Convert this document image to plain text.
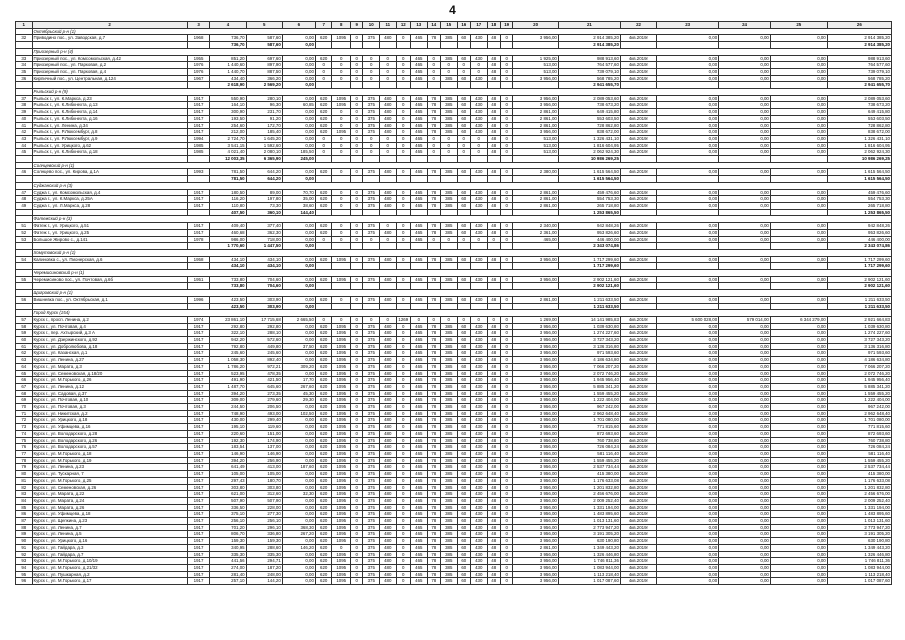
4
1	2	3	4	5	6	7	8	9	10	11	12	13	14	15	16	17	18	19	20	21	22	23	24	25	26
	Октябрьский р-н (1)																								
32	Приводино пос., ул. Заводская, д.7	1968	736,70	587,60	0,00	620	1095	0	375	480	0	465	78	385	60	430	48	0	3 956,00	2 914 385,20	4кв.2019г	0,00	0,00	0,00	2 914 385,20
			736,70	587,60	0,00															2 914 385,20					2 914 385,20
	Приозерный р-н (4)																								
33	Приозерный пос., ул. Комсомольская, д.42	1955	851,20	697,60	0,00	620	0	0	0	0	0	465	0	385	60	430	48	0	1 925,00	988 913,60	4кв.2019г	0,00	0,00	0,00	988 913,60
34	Приозерный пос., ул. Парковая, д.2	1976	1 440,60	897,90	0,00	0	0	0	0	0	0	465	0	0	0	0	48	0	513,00	764 577,60	4кв.2019г	0,00	0,00	0,00	764 577,60
35	Приозерный пос., ул. Парковая, д.4	1976	1 440,70	887,50	0,00	0	0	0	0	0	0	465	0	0	0	0	48	0	513,00	739 079,10	4кв.2019г	0,00	0,00	0,00	739 079,10
36	Кирпичный пос., ул. Центральная, д.124	1967	434,40	366,20	0,00	0	0	0	0	0	0	465	0	385	60	430	48	0	3 956,00	568 785,20	4кв.2019г	0,00	0,00	0,00	568 785,20
			2 618,90	2 569,20	0,00															2 941 655,70					2 941 655,70
	Рыльский р-н (9)																								
37	Рыльск г., ул. К.Маркса, д.23	1917	550,90	280,10	0,00	620	1095	0	375	480	0	465	78	385	60	430	48	0	3 956,00	2 089 053,60	4кв.2019г	0,00	0,00	0,00	2 089 053,60
38	Рыльск г., ул. К.Либкнехта, д.13	1917	164,10	96,30	60,85	620	1095	0	375	480	0	465	78	385	60	430	48	0	3 956,00	738 673,20	4кв.2019г	0,00	0,00	0,00	738 673,20
39	Рыльск г., ул. К.Либкнехта, д.14	1917	300,90	231,70	0,00	620	0	0	375	480	0	465	78	385	60	430	48	0	2 861,00	649 415,80	4кв.2019г	0,00	0,00	0,00	649 415,80
40	Рыльск г., ул. К.Либкнехта, д.16	1917	193,50	91,20	0,00	620	0	0	375	480	0	465	78	385	60	430	48	0	2 861,00	553 603,50	4кв.2019г	0,00	0,00	0,00	553 603,50
41	Рыльск г., ул. Ленина, д.34	1917	254,60	172,70	0,00	620	0	0	375	480	0	465	78	385	60	430	48	0	2 861,00	728 862,80	4кв.2019г	0,00	0,00	0,00	728 862,80
42	Рыльск г., ул. Р.Люксембург, д.8	1917	212,00	185,40	0,00	620	1095	0	375	480	0	465	78	385	60	430	48	0	3 956,00	838 672,00	4кв.2019г	0,00	0,00	0,00	838 672,00
43	Рыльск г., ул. Р.Люксембург, д.9	1994	2 724,70	1 645,20	0,00	0	0	0	0	0	0	465	0	0	0	0	48	0	513,00	1 326 431,10	4кв.2019г	0,00	0,00	0,00	1 326 431,10
44	Рыльск г., ул. Урицкого, д.62	1985	3 541,15	1 592,60	0,00	0	0	0	0	0	0	465	0	0	0	0	48	0	513,00	1 816 604,95	4кв.2019г	0,00	0,00	0,00	1 816 604,95
45	Рыльск г., ул. К.Либкнехта, д.18	1985	4 021,40	2 080,10	185,50	0	0	0	0	0	0	465	0	0	0	0	48	0	513,00	2 062 924,30	4кв.2019г	0,00	0,00	0,00	2 062 924,30
			12 003,35	6 365,90	245,00															10 986 269,25					10 986 269,25
	Солнцевский р-н (1)																								
46	Солнцево пос., ул. Кирова, д.1А	1993	781,50	644,20	0,00	620	0	0	375	480	0	465	78	385	60	430	48	0	2 380,00	1 615 564,50	4кв.2019г	0,00	0,00	0,00	1 615 564,50
			781,50	644,20	0,00															1 615 564,50					1 615 564,50
	Суджанский р-н (3)																								
47	Суджа г., ул. Комсомольская, д.4	1917	180,50	89,00	70,70	620	0	0	375	480	0	465	78	385	60	430	48	0	2 861,00	459 476,60	4кв.2019г	0,00	0,00	0,00	459 476,60
48	Суджа г., ул. К.Маркса, д.25А	1917	116,20	197,80	35,00	620	0	0	375	480	0	465	78	385	60	430	48	0	2 861,00	554 753,30	4кв.2019г	0,00	0,00	0,00	554 753,30
49	Суджа г., ул. Л.Маркса, д.28	1917	110,80	73,30	38,60	620	0	0	375	480	0	465	78	385	60	430	48	0	2 861,00	265 718,80	4кв.2019г	0,00	0,00	0,00	265 718,80
			407,50	360,10	144,40															1 253 865,50					1 253 865,50
	Фатежский р-н (3)																								
51	Фатеж г., ул. Урицкого, д.51	1917	409,40	377,40	0,00	620	0	0	375	0	0	465	78	385	60	430	48	0	2 340,00	942 848,26	4кв.2019г	0,00	0,00	0,00	942 848,26
52	Фатеж г., ул. Урицкого, д.25	1917	460,68	362,30	0,00	620	0	0	375	480	0	465	78	385	60	430	48	0	2 361,00	953 826,60	4кв.2019г	0,00	0,00	0,00	953 826,60
53	Большое Жирово с., д.141	1978	986,00	718,00	0,00	0	0	0	0	0	0	465	0	0	0	0	0	0	465,00	446 400,00	4кв.2019г	0,00	0,00	0,00	446 400,00
			1 770,60	1 447,50	0,00															2 343 074,86					2 343 074,86
	Хомутовский р-н (1)																								
54	Калиновка с., ул. Пионерская, д.6	1958	434,10	434,10	0,00	620	1095	0	375	480	0	465	78	385	60	430	48	0	3 956,00	1 717 299,60	4кв.2019г	0,00	0,00	0,00	1 717 299,60
			434,10	434,10	0,00															1 717 299,60					1 717 299,60
	Черемисиновский р-н (1)																								
55	Черемисиново пос., ул. Почтовая, д.6б	1951	733,80	704,60	0,00	620	1095	0	375	480	0	465	78	385	60	430	48	0	3 956,00	2 902 121,60	4кв.2019г	0,00	0,00	0,00	2 902 121,60
			733,80	704,60	0,00															2 902 121,60					2 902 121,60
	Щигровский р-н (1)																								
56	Вишневка пос., ул. Октябрьская, д.1	1996	423,50	303,90	0,00	620	0	0	375	480	0	465	78	385	60	430	48	0	2 861,00	1 211 633,50	4кв.2019г	0,00	0,00	0,00	1 211 633,50
			423,50	303,90	0,00															1 211 633,50					1 211 633,50
	Город Курск (154)																								
57	Курск г., просп. Ленина, д.2	1974	23 861,10	17 715,68	2 665,50	0	0	0	0	0	1269	0	0	0	0	0	0	0	1 269,00	14 141 985,83	4кв.2019г	5 600 028,00	579 014,00	6 344 279,00	2 921 664,83
58	Курск г., ул. Почтовая, д.4	1917	292,80	292,80	0,00	620	1095	0	375	480	0	465	78	385	60	430	48	0	3 956,00	1 039 630,80	4кв.2019г	0,00	0,00	0,00	1 039 630,80
59	Курск г., пер. Ахтырский, д.3 А	1917	322,10	288,10	0,00	620	1095	0	375	480	0	465	78	385	60	430	48	0	3 956,00	1 274 227,60	4кв.2019г	0,00	0,00	0,00	1 274 227,60
60	Курск г., ул. Дзержинского, д.92	1917	942,20	572,60	0,00	620	1095	0	375	480	0	465	78	385	60	430	48	0	3 956,00	3 727 343,20	4кв.2019г	0,00	0,00	0,00	3 727 343,20
61	Курск г., ул. Добролюбова, д.18	1917	792,80	449,80	37,50	620	1095	0	375	480	0	465	78	385	60	430	48	0	3 956,00	3 136 316,80	4кв.2019г	0,00	0,00	0,00	3 136 316,80
62	Курск г., ул. Казанская, д.1	1917	245,60	245,60	0,00	620	1095	0	375	480	0	465	78	385	60	430	48	0	3 956,00	971 593,60	4кв.2019г	0,00	0,00	0,00	971 593,60
63	Курск г., ул. Ленина, д.27	1917	1 058,30	892,40	0,00	620	1095	0	375	480	0	465	78	385	60	430	48	0	3 956,00	4 186 634,80	4кв.2019г	0,00	0,00	0,00	4 186 634,80
64	Курск г., ул. Марата, д.3	1917	1 786,20	972,21	309,20	620	1095	0	375	480	0	465	78	385	60	430	48	0	3 956,00	7 066 207,20	4кв.2019г	0,00	0,00	0,00	7 066 207,20
65	Курск г., ул. Семеновская, д.18/20	1917	523,95	478,35	0,00	620	1095	0	375	480	0	465	78	385	60	430	48	0	3 956,00	2 072 746,20	4кв.2019г	0,00	0,00	0,00	2 072 746,20
66	Курск г., ул. М.Горького, д.26	1917	491,90	421,50	17,70	620	1095	0	375	480	0	465	78	385	60	430	48	0	3 956,00	1 945 956,40	4кв.2019г	0,00	0,00	0,00	1 945 956,40
67	Курск г., ул. Ленина, д.12	1917	1 487,70	645,60	267,60	620	1095	0	375	480	0	465	78	385	60	430	48	0	3 956,00	5 885 341,20	4кв.2019г	0,00	0,00	0,00	5 885 341,20
68	Курск г., ул. Садовая, д.37	1917	394,20	273,35	45,30	620	1095	0	375	480	0	465	78	385	60	430	48	0	3 956,00	1 559 455,20	4кв.2019г	0,00	0,00	0,00	1 559 455,20
69	Курск г., ул. Почтовая, д.10	1917	309,00	279,60	29,30	620	1095	0	375	480	0	465	78	385	60	430	48	0	3 956,00	1 222 404,00	4кв.2019г	0,00	0,00	0,00	1 222 404,00
70	Курск г., ул. Почтовая, д.3	1917	244,50	206,50	0,00	620	1095	0	375	480	0	465	78	385	60	430	48	0	3 956,00	967 242,00	4кв.2019г	0,00	0,00	0,00	967 242,00
71	Курск г., ул. Никитская, д.2	1917	748,90	493,00	102,50	620	1095	0	375	480	0	465	78	385	60	430	48	0	3 956,00	2 962 648,40	4кв.2019г	0,00	0,00	0,00	2 962 648,40
72	Курск г., ул. Урицкого, д.18	1917	430,00	299,40	0,00	620	1095	0	375	480	0	465	78	385	60	430	48	0	3 956,00	1 701 080,00	4кв.2019г	0,00	0,00	0,00	1 701 080,00
73	Курск г., ул. Уфимцева, д.16	1917	195,10	119,60	0,00	620	1095	0	375	480	0	465	78	385	60	430	48	0	3 956,00	771 815,60	4кв.2019г	0,00	0,00	0,00	771 815,60
74	Курск г., ул. Володарского, д.28	1917	220,60	151,00	0,00	620	1095	0	375	480	0	465	78	385	60	430	48	0	3 956,00	872 693,60	4кв.2019г	0,00	0,00	0,00	872 693,60
75	Курск г., ул. Володарского, д.26	1917	192,30	174,90	0,00	620	1095	0	375	480	0	465	78	385	60	430	48	0	3 956,00	760 738,80	4кв.2019г	0,00	0,00	0,00	760 738,80
76	Курск г., ул. Володарского, д.57	1917	183,54	137,00	0,00	620	1095	0	375	480	0	465	78	385	60	430	48	0	3 956,00	726 084,24	4кв.2019г	0,00	0,00	0,00	726 084,24
77	Курск г., ул. М.Горького, д.18	1917	146,90	146,90	0,00	620	1095	0	375	480	0	465	78	385	60	430	48	0	3 956,00	581 116,40	4кв.2019г	0,00	0,00	0,00	581 116,40
78	Курск г., ул. М.Горького, д.19	1917	394,20	256,90	0,00	620	1095	0	375	480	0	465	78	385	60	430	48	0	3 956,00	1 559 455,20	4кв.2019г	0,00	0,00	0,00	1 559 455,20
79	Курск г., ул. Ленина, д.23	1917	641,49	413,00	187,60	620	1095	0	375	480	0	465	78	385	60	430	48	0	3 956,00	2 537 734,44	4кв.2019г	0,00	0,00	0,00	2 537 734,44
80	Курск г., ул. Тускарная, 7	1917	105,00	105,00	0,00	620	1095	0	375	480	0	465	78	385	60	430	48	0	3 956,00	415 380,00	4кв.2019г	0,00	0,00	0,00	415 380,00
81	Курск г., ул. М.Горького, д.25	1917	297,43	180,70	0,00	620	1095	0	375	480	0	465	78	385	60	430	48	0	3 956,00	1 176 633,08	4кв.2019г	0,00	0,00	0,00	1 176 633,08
82	Курск г., ул. Семеновская, д.26	1917	303,80	303,80	0,00	620	1095	0	375	480	0	465	78	385	60	430	48	0	3 956,00	1 201 832,80	4кв.2019г	0,00	0,00	0,00	1 201 832,80
83	Курск г., ул. Марата, д.22	1917	621,00	312,60	32,30	620	1095	0	375	480	0	465	78	385	60	430	48	0	3 956,00	2 456 676,00	4кв.2019г	0,00	0,00	0,00	2 456 676,00
84	Курск г., ул. Марата, д.24	1917	507,90	507,90	0,00	620	1095	0	375	480	0	465	78	385	60	430	48	0	3 956,00	2 009 252,40	4кв.2019г	0,00	0,00	0,00	2 009 252,40
85	Курск г., ул. Марата, д.26	1917	336,50	228,00	0,00	620	1095	0	375	480	0	465	78	385	60	430	48	0	3 956,00	1 331 194,00	4кв.2019г	0,00	0,00	0,00	1 331 194,00
86	Курск г., ул. Уфимцева, д.18	1917	375,10	277,30	0,00	620	1095	0	375	480	0	465	78	385	60	430	48	0	3 956,00	1 483 895,60	4кв.2019г	0,00	0,00	0,00	1 483 895,60
87	Курск г., ул. Щепкина, д.23	1917	256,10	256,10	0,00	620	1095	0	375	480	0	465	78	385	60	430	48	0	3 956,00	1 013 131,60	4кв.2019г	0,00	0,00	0,00	1 013 131,60
88	Курск г., ул. Ленина, д.7	1917	701,20	296,10	368,30	620	1095	0	375	480	0	465	78	385	60	430	48	0	3 956,00	2 773 947,20	4кв.2019г	0,00	0,00	0,00	2 773 947,20
89	Курск г., ул. Ленина, д.5	1917	806,70	336,80	267,20	620	1095	0	375	480	0	465	78	385	60	430	48	0	3 956,00	3 191 305,20	4кв.2019г	0,00	0,00	0,00	3 191 305,20
90	Курск г., ул. Урицкого, д.16	1917	159,30	159,30	0,00	620	1095	0	375	480	0	465	78	385	60	430	48	0	3 956,00	630 190,80	4кв.2019г	0,00	0,00	0,00	630 190,80
91	Курск г., ул. Гайдара, д.3	1917	340,95	288,60	146,20	620	0	0	375	480	0	465	78	385	60	430	48	0	2 861,00	1 349 443,20	4кв.2019г	0,00	0,00	0,00	1 349 443,20
92	Курск г., ул. Гайдара, д.7	1917	335,30	335,30	0,00	620	1095	0	375	480	0	465	78	385	60	430	48	0	3 956,00	1 326 446,80	4кв.2019г	0,00	0,00	0,00	1 326 446,80
93	Курск г., ул. М.Горького, д.10/19	1917	441,56	294,71	0,00	620	1095	0	375	480	0	465	78	385	60	430	48	0	3 956,00	1 746 811,36	4кв.2019г	0,00	0,00	0,00	1 746 811,36
94	Курск г., ул. М.Горького, д.21/32	1917	274,00	187,20	0,00	620	1095	0	375	480	0	465	78	385	60	430	48	0	3 956,00	1 083 944,00	4кв.2019г	0,00	0,00	0,00	1 083 944,00
95	Курск г., ул. Пушкарная, д.2	1917	281,40	248,00	0,00	620	1095	0	375	480	0	465	78	385	60	430	48	0	3 956,00	1 113 218,40	4кв.2019г	0,00	0,00	0,00	1 113 218,40
96	Курск г., ул. М.Горького, д.17	1917	257,10	144,20	0,00	620	1095	0	375	480	0	465	78	385	60	430	48	0	3 956,00	1 017 087,60	4кв.2019г	0,00	0,00	0,00	1 017 087,60
